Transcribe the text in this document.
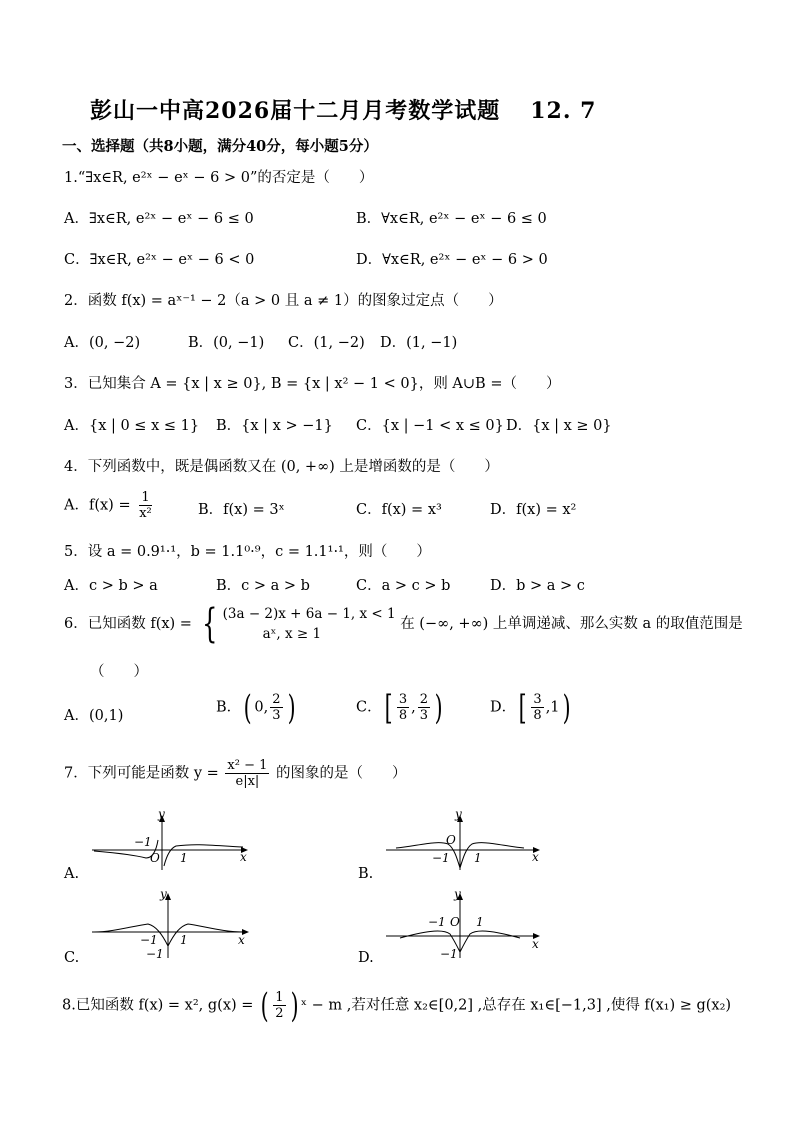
彭山一中高2026届十二月月考数学试题 12. 7
一、选择题（共8小题，满分40分，每小题5分）
1.“∃x∈R, e²ˣ − eˣ − 6 > 0”的否定是（　　）
A．∃x∈R, e²ˣ − eˣ − 6 ≤ 0	B．∀x∈R, e²ˣ − eˣ − 6 ≤ 0
C．∃x∈R, e²ˣ − eˣ − 6 < 0	D．∀x∈R, e²ˣ − eˣ − 6 > 0
2．函数 f(x) = aˣ⁻¹ − 2（a > 0 且 a ≠ 1）的图象过定点（　　）
A．(0, −2)	B．(0, −1) C．(1, −2) D．(1, −1)
3．已知集合 A = {x | x ≥ 0}, B = {x | x² − 1 < 0}，则 A∪B =（　　）
A．{x | 0 ≤ x ≤ 1} B．{x | x > −1} C．{x | −1 < x ≤ 0} D．{x | x ≥ 0}
4．下列函数中，既是偶函数又在 (0, +∞) 上是增函数的是（　　）
A．$f(x) = \frac{1}{\text{x²}}$	B．f(x) = 3ˣ	C．f(x) = x³	D．f(x) = x²
5．设 a = 0.9¹·¹，b = 1.1⁰·⁹，c = 1.1¹·¹，则（　　）
A．c > b > a	B．c > a > b	C．a > c > b	D．b > a > c
6．已知函数 f(x) = { (3a − 2)x + 6a − 1, x < 1
aˣ, x ≥ 1
在 (−∞, +∞) 上单调递减、那么实数 a 的取值范围是
（　　）
A．(0,1)
B．( 0, $\frac{2}{3}$ )	C．[ $\frac{3}{8}$ , $\frac{2}{3}$ )	D．[ $\frac{3}{8} ,1$)
7．下列可能是函数 $y = \frac{\text{x² − 1}}{e|x|}$ 的图象的是（　　）
x
y
−1
O 1
A.
x
y
O
−1 1
B.
x
y
−1 1
−1
C.
x
y
−1 O 1
−1
D.
8.已知函数 f(x) = x², g(x) = ( $\frac{1}{2}$ ) ˣ − m ,若对任意 x₂∈[0,2] ,总存在 x₁∈[−1,3] ,使得 f(x₁) ≥ g(x₂)
